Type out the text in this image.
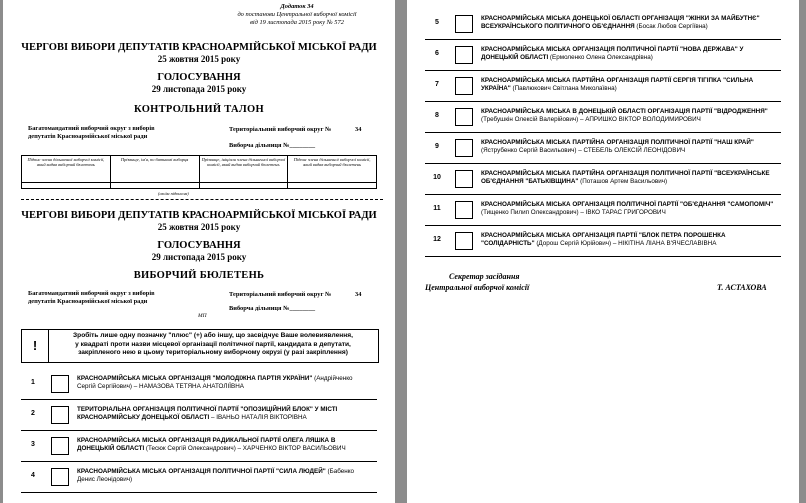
Додаток 34
до постанови Центральної виборчої комісії
від 19 листопада 2015 року № 572
ЧЕРГОВІ ВИБОРИ ДЕПУТАТІВ КРАСНОАРМІЙСЬКОЇ МІСЬКОЇ РАДИ
25 жовтня 2015 року
ГОЛОСУВАННЯ
29 листопада 2015 року
КОНТРОЛЬНИЙ ТАЛОН
Багатомандатний виборчий округ з виборів
депутатів Красноармійської міської ради
Територіальний виборчий округ №	34
Виборча дільниця №________
Підпис члена дільничної виборчої комісії, який видав виборчий бюлетень	Прізвище, ім'я, по батькові виборця	Прізвище, ініціали члена дільничної виборчої комісії, який видав виборчий бюлетень	Підпис члена дільничної виборчої комісії, який видав виборчий бюлетень

(своїм підписом)
ЧЕРГОВІ ВИБОРИ ДЕПУТАТІВ КРАСНОАРМІЙСЬКОЇ МІСЬКОЇ РАДИ
25 жовтня 2015 року
ГОЛОСУВАННЯ
29 листопада 2015 року
ВИБОРЧИЙ БЮЛЕТЕНЬ
Багатомандатний виборчий округ з виборів
депутатів Красноармійської міської ради
Територіальний виборчий округ №	34
Виборча дільниця №________
МП
!
Зробіть лише одну позначку "плюс" (+) або іншу, що засвідчує Ваше волевиявлення,
у квадраті проти назви місцевої організації політичної партії, кандидата в депутати,
закріпленого нею в цьому територіальному виборчому окрузі (у разі закріплення)
1
КРАСНОАРМІЙСЬКА МІСЬКА ОРГАНІЗАЦІЯ "МОЛОДІЖНА ПАРТІЯ УКРАЇНИ" (Андрійченко Сергій Сергійович) – НАМАЗОВА ТЕТЯНА АНАТОЛІЇВНА
2
ТЕРИТОРІАЛЬНА ОРГАНІЗАЦІЯ ПОЛІТИЧНОЇ ПАРТІЇ "ОПОЗИЦІЙНИЙ БЛОК" У МІСТІ КРАСНОАРМІЙСЬКУ ДОНЕЦЬКОЇ ОБЛАСТІ – ІВАНЬО НАТАЛІЯ ВІКТОРІВНА
3
КРАСНОАРМІЙСЬКА МІСЬКА ОРГАНІЗАЦІЯ РАДИКАЛЬНОЇ ПАРТІЇ ОЛЕГА ЛЯШКА В ДОНЕЦЬКІЙ ОБЛАСТІ (Тесюк Сергій Олександрович) – ХАРЧЕНКО ВІКТОР ВАСИЛЬОВИЧ
4
КРАСНОАРМІЙСЬКА МІСЬКА ОРГАНІЗАЦІЯ ПОЛІТИЧНОЇ ПАРТІЇ "СИЛА ЛЮДЕЙ" (Бабенко Денис Леонідович)
5
КРАСНОАРМІЙСЬКА МІСЬКА ДОНЕЦЬКОЇ ОБЛАСТІ ОРГАНІЗАЦІЯ "ЖІНКИ ЗА МАЙБУТНЄ" ВСЕУКРАЇНСЬКОГО ПОЛІТИЧНОГО ОБ'ЄДНАННЯ (Босак Любов Сергіївна)
6
КРАСНОАРМІЙСЬКА МІСЬКА ОРГАНІЗАЦІЯ ПОЛІТИЧНОЇ ПАРТІЇ "НОВА ДЕРЖАВА" У ДОНЕЦЬКІЙ ОБЛАСТІ (Ермоленко Олена Олександрівна)
7
КРАСНОАРМІЙСЬКА МІСЬКА ПАРТІЙНА ОРГАНІЗАЦІЯ ПАРТІЇ СЕРГІЯ ТІГІПКА "СИЛЬНА УКРАЇНА" (Павлюкович Світлана Миколаївна)
8
КРАСНОАРМІЙСЬКА МІСЬКА В ДОНЕЦЬКІЙ ОБЛАСТІ ОРГАНІЗАЦІЯ ПАРТІЇ "ВІДРОДЖЕННЯ" (Требушкін Олексій Валерійович) – АПРИШКО ВІКТОР ВОЛОДИМИРОВИЧ
9
КРАСНОАРМІЙСЬКА МІСЬКА ПАРТІЙНА ОРГАНІЗАЦІЯ ПОЛІТИЧНОЇ ПАРТІЇ "НАШ КРАЙ" (Яструбенко Сергій Васильович) – СТЕБЕЛЬ ОЛЕКСІЙ ЛЕОНІДОВИЧ
10
КРАСНОАРМІЙСЬКА МІСЬКА ПАРТІЙНА ОРГАНІЗАЦІЯ ПОЛІТИЧНОЇ ПАРТІЇ "ВСЕУКРАЇНСЬКЕ ОБ'ЄДНАННЯ "БАТЬКІВЩИНА" (Поташов Артем Васильович)
11
КРАСНОАРМІЙСЬКА МІСЬКА ОРГАНІЗАЦІЯ ПОЛІТИЧНОЇ ПАРТІЇ "ОБ'ЄДНАННЯ "САМОПОМІЧ" (Тищенко Пилип Олександрович) – ІВКО ТАРАС ГРИГОРОВИЧ
12
КРАСНОАРМІЙСЬКА МІСЬКА ОРГАНІЗАЦІЯ ПАРТІЇ "БЛОК ПЕТРА ПОРОШЕНКА "СОЛІДАРНІСТЬ" (Дорош Сергій Юрійович) – НІКІТІНА ЛІАНА В'ЯЧЕСЛАВІВНА
Секретар засідання
Центральної виборчої комісії	Т. АСТАХОВА
